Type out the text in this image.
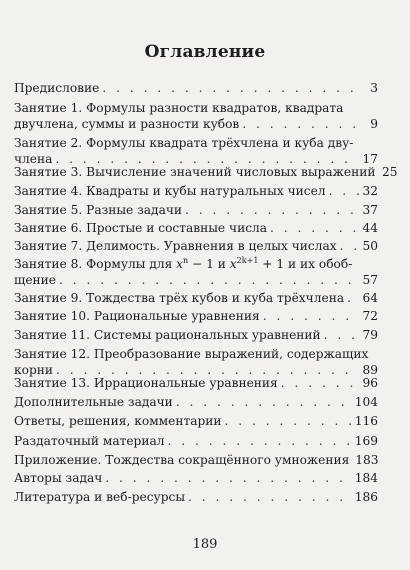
Оглавление
Предисловие . . .	3
Занятие 1. Формулы разности квадратов, квадрата
двучлена, суммы и разности кубов . . .	9
Занятие 2. Формулы квадрата трёхчлена и куба дву-
члена . . .	17
Занятие 3. Вычисление значений числовых выражений 25
Занятие 4. Квадраты и кубы натуральных чисел . . .	32
Занятие 5. Разные задачи . . .	37
Занятие 6. Простые и составные числа . . .	44
Занятие 7. Делимость. Уравнения в целых числах . . . 50
Занятие 8. Формулы для $x^n - 1$ и $x^{2k+1} + 1$ и их обоб-
щение . . .	57
Занятие 9. Тождества трёх кубов и куба трёхчлена . . . 64
Занятие 10. Рациональные уравнения . . .	72
Занятие 11. Системы рациональных уравнений . . .	79
Занятие 12. Преобразование выражений, содержащих
корни . . .	89
Занятие 13. Иррациональные уравнения . . .	96
Дополнительные задачи . . .	104
Ответы, решения, комментарии . . .	116
Раздаточный материал . . .	169
Приложение. Тождества сокращённого умножения 183
Авторы задач . . .	184
Литература и веб-ресурсы . . .	186
189
